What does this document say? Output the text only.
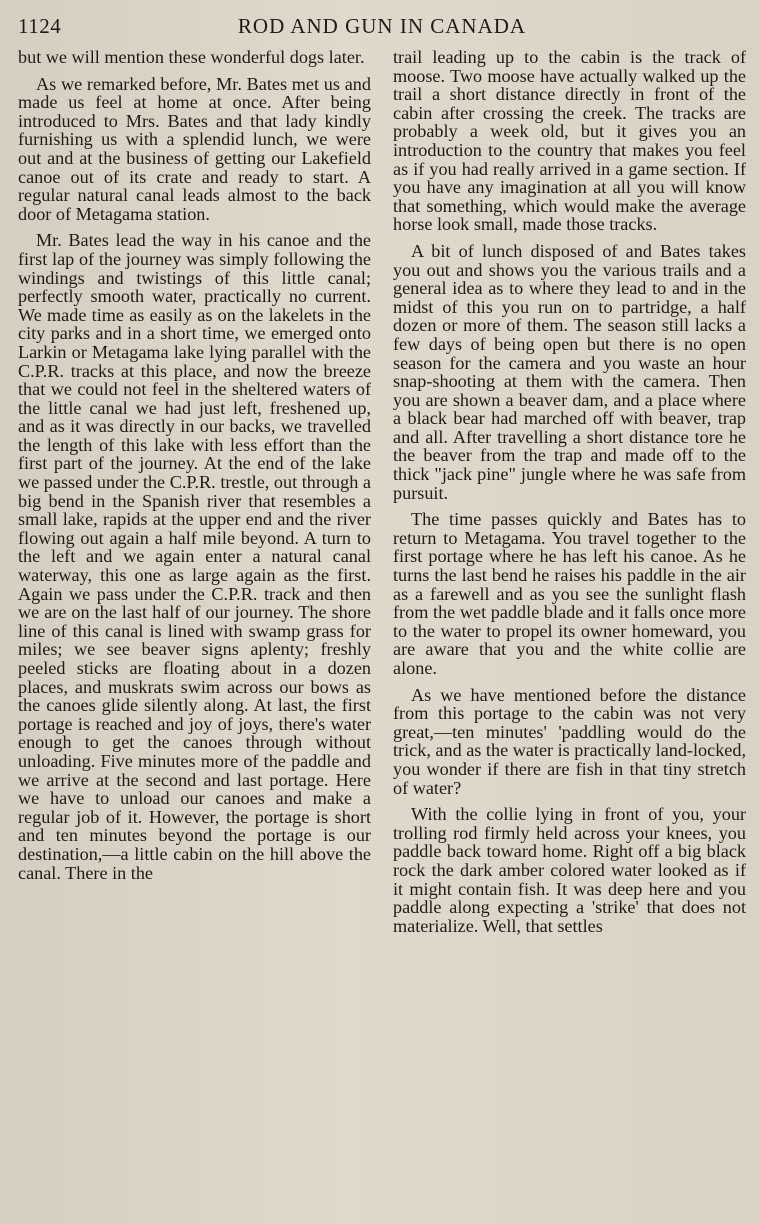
1124	ROD AND GUN IN CANADA

but we will mention these wonderful dogs later.

As we remarked before, Mr. Bates met us and made us feel at home at once. After being introduced to Mrs. Bates and that lady kindly furnishing us with a splendid lunch, we were out and at the business of getting our Lakefield canoe out of its crate and ready to start. A regular natural canal leads almost to the back door of Metagama station.

Mr. Bates lead the way in his canoe and the first lap of the journey was simply following the windings and twistings of this little canal; perfectly smooth water, practically no current. We made time as easily as on the lakelets in the city parks and in a short time, we emerged onto Larkin or Metagama lake lying parallel with the C.P.R. tracks at this place, and now the breeze that we could not feel in the sheltered waters of the little canal we had just left, freshened up, and as it was directly in our backs, we travelled the length of this lake with less effort than the first part of the journey. At the end of the lake we passed under the C.P.R. trestle, out through a big bend in the Spanish river that resembles a small lake, rapids at the upper end and the river flowing out again a half mile beyond. A turn to the left and we again enter a natural canal waterway, this one as large again as the first. Again we pass under the C.P.R. track and then we are on the last half of our journey. The shore line of this canal is lined with swamp grass for miles; we see beaver signs aplenty; freshly peeled sticks are floating about in a dozen places, and muskrats swim across our bows as the canoes glide silently along. At last, the first portage is reached and joy of joys, there's water enough to get the canoes through without unloading. Five minutes more of the paddle and we arrive at the second and last portage. Here we have to unload our canoes and make a regular job of it. However, the portage is short and ten minutes beyond the portage is our destination,—a little cabin on the hill above the canal. There in the

trail leading up to the cabin is the track of moose. Two moose have actually walked up the trail a short distance directly in front of the cabin after crossing the creek. The tracks are probably a week old, but it gives you an introduction to the country that makes you feel as if you had really arrived in a game section. If you have any imagination at all you will know that something, which would make the average horse look small, made those tracks.

A bit of lunch disposed of and Bates takes you out and shows you the various trails and a general idea as to where they lead to and in the midst of this you run on to partridge, a half dozen or more of them. The season still lacks a few days of being open but there is no open season for the camera and you waste an hour snap-shooting at them with the camera. Then you are shown a beaver dam, and a place where a black bear had marched off with beaver, trap and all. After travelling a short distance tore he the beaver from the trap and made off to the thick "jack pine" jungle where he was safe from pursuit.

The time passes quickly and Bates has to return to Metagama. You travel together to the first portage where he has left his canoe. As he turns the last bend he raises his paddle in the air as a farewell and as you see the sunlight flash from the wet paddle blade and it falls once more to the water to propel its owner homeward, you are aware that you and the white collie are alone.

As we have mentioned before the distance from this portage to the cabin was not very great,—ten minutes' 'paddling would do the trick, and as the water is practically land-locked, you wonder if there are fish in that tiny stretch of water?

With the collie lying in front of you, your trolling rod firmly held across your knees, you paddle back toward home. Right off a big black rock the dark amber colored water looked as if it might contain fish. It was deep here and you paddle along expecting a 'strike' that does not materialize. Well, that settles
